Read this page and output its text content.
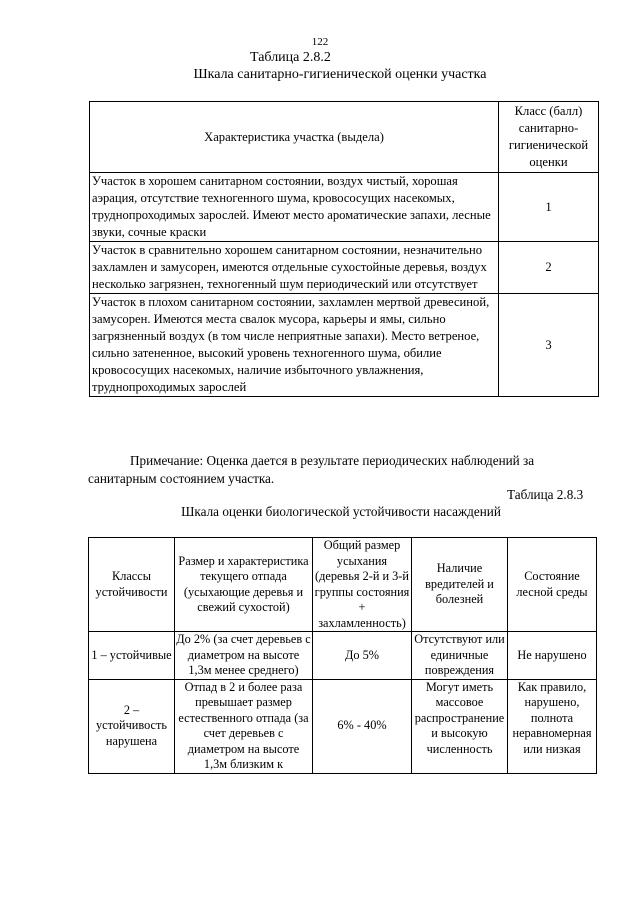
122
Таблица 2.8.2
Шкала санитарно-гигиенической оценки участка
Характеристика участка (выдела)	Класс (балл) санитарно-гигиенической оценки
Участок в хорошем санитарном состоянии, воздух чистый, хорошая аэрация, отсутствие техногенного шума, кровососущих насекомых, труднопроходимых зарослей. Имеют место ароматические запахи, лесные звуки, сочные краски	1
Участок в сравнительно хорошем санитарном состоянии, незначительно захламлен и замусорен, имеются отдельные сухостойные деревья, воздух несколько загрязнен, техногенный шум периодический или отсутствует	2
Участок в плохом санитарном состоянии, захламлен мертвой древесиной, замусорен. Имеются места свалок мусора, карьеры и ямы, сильно загрязненный воздух (в том числе неприятные запахи). Место ветреное, сильно затененное, высокий уровень техногенного шума, обилие кровососущих насекомых, наличие избыточного увлажнения, труднопроходимых зарослей	3
Примечание: Оценка дается в результате периодических наблюдений за санитарным состоянием участка.
Таблица 2.8.3
Шкала оценки биологической устойчивости насаждений
Классы устойчивости	Размер и характеристика текущего отпада (усыхающие деревья и свежий сухостой)	Общий размер усыхания (деревья 2-й и 3-й группы состояния + захламленность)	Наличие вредителей и болезней	Состояние лесной среды
1 – устойчивые	До 2% (за счет деревьев с диаметром на высоте 1,3м менее среднего)	До 5%	Отсутствуют или единичные повреждения	Не нарушено
2 – устойчивость нарушена	Отпад в 2 и более раза превышает размер естественного отпада (за счет деревьев с диаметром на высоте 1,3м близким к	6% - 40%	Могут иметь массовое распространение и высокую численность	Как правило, нарушено, полнота неравномерная или низкая
